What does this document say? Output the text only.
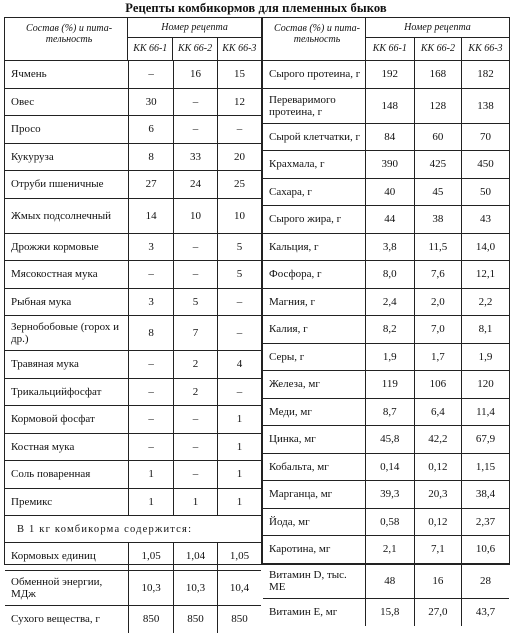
Рецепты комбикормов для племенных быков
Состав (%) и пита-тельность
Номер рецепта
КК 66-1	КК 66-2	КК 66-3
Ячмень	–	16	15
Овес	30	–	12
Просо	6	–	–
Кукуруза	8	33	20
Отруби пшеничные	27	24	25
Жмых подсолнечный	14	10	10
Дрожжи кормовые	3	–	5
Мясокостная мука	–	–	5
Рыбная мука	3	5	–
Зернобобовые (горох и др.)	8	7	–
Травяная мука	–	2	4
Трикальцийфосфат	–	2	–
Кормовой фосфат	–	–	1
Костная мука	–	–	1
Соль поваренная	1	–	1
Премикс	1	1	1
В 1 кг комбикорма содержится:
Кормовых единиц	1,05	1,04	1,05
Обменной энергии, МДж	10,3	10,3	10,4
Сухого вещества, г	850	850	850
Состав (%) и пита-тельность
Номер рецепта
КК 66-1	КК 66-2	КК 66-3
Сырого протеина, г	192	168	182
Переваримого протеина, г	148	128	138
Сырой клетчатки, г	84	60	70
Крахмала, г	390	425	450
Сахара, г	40	45	50
Сырого жира, г	44	38	43
Кальция, г	3,8	11,5	14,0
Фосфора, г	8,0	7,6	12,1
Магния, г	2,4	2,0	2,2
Калия, г	8,2	7,0	8,1
Серы, г	1,9	1,7	1,9
Железа, мг	119	106	120
Меди, мг	8,7	6,4	11,4
Цинка, мг	45,8	42,2	67,9
Кобальта, мг	0,14	0,12	1,15
Марганца, мг	39,3	20,3	38,4
Йода, мг	0,58	0,12	2,37
Каротина, мг	2,1	7,1	10,6
Витамин D, тыс. МЕ	48	16	28
Витамин Е, мг	15,8	27,0	43,7
